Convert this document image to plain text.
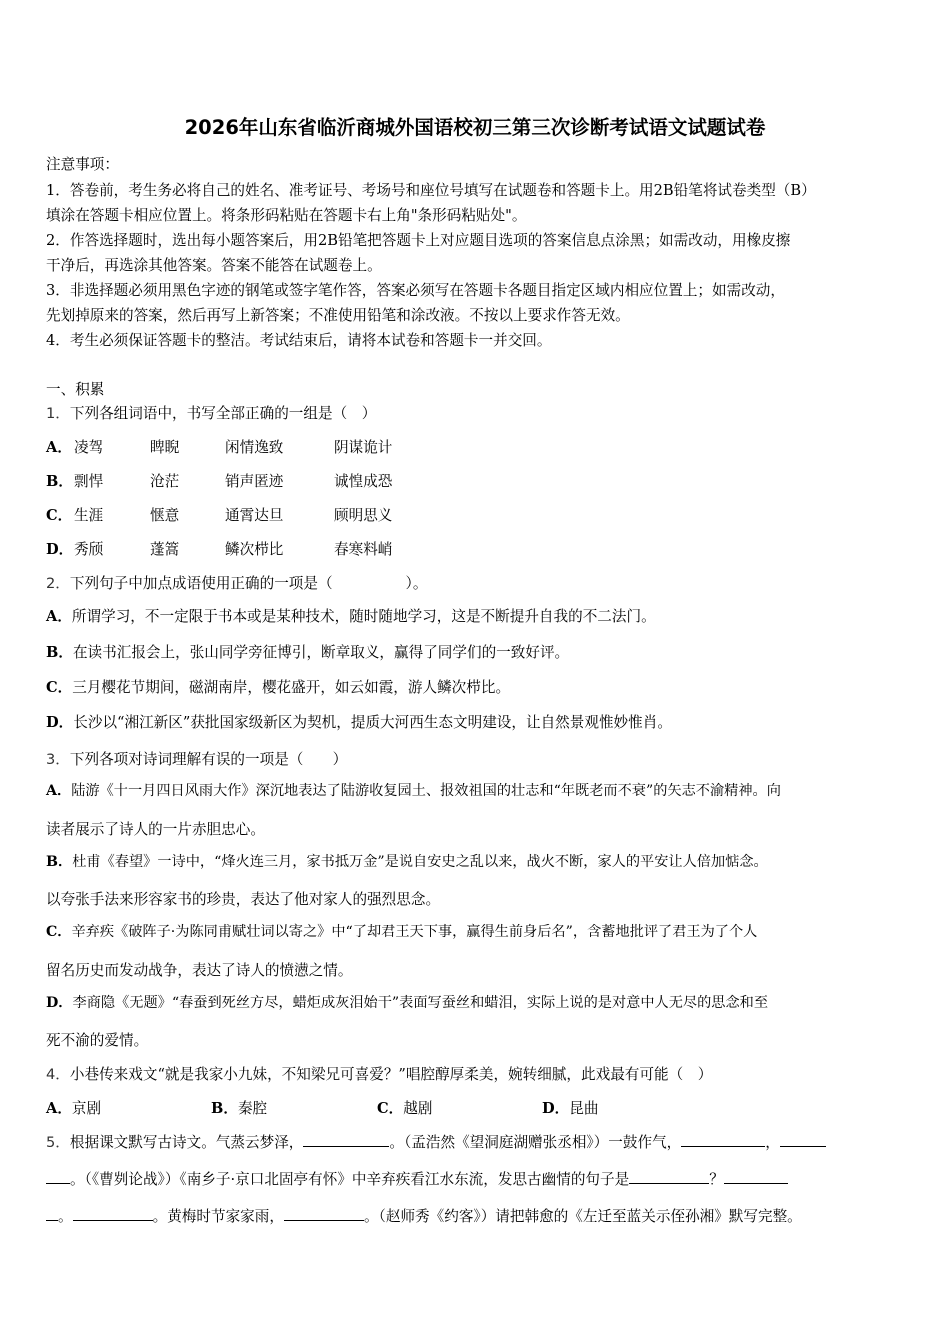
2026年山东省临沂商城外国语校初三第三次诊断考试语文试题试卷
注意事项：
1．答卷前，考生务必将自己的姓名、准考证号、考场号和座位号填写在试题卷和答题卡上。用2B铅笔将试卷类型（B）
填涂在答题卡相应位置上。将条形码粘贴在答题卡右上角"条形码粘贴处"。
2．作答选择题时，选出每小题答案后，用2B铅笔把答题卡上对应题目选项的答案信息点涂黑；如需改动，用橡皮擦
干净后，再选涂其他答案。答案不能答在试题卷上。
3．非选择题必须用黑色字迹的钢笔或签字笔作答，答案必须写在答题卡各题目指定区域内相应位置上；如需改动，
先划掉原来的答案，然后再写上新答案；不准使用铅笔和涂改液。不按以上要求作答无效。
4．考生必须保证答题卡的整洁。考试结束后，请将本试卷和答题卡一并交回。
一、积累
1．下列各组词语中，书写全部正确的一组是（　）
A． 凌驾	睥睨	闲情逸致	阴谋诡计
B． 剽悍	沧茫	销声匿迹	诚惶成恐
C． 生涯	惬意	通霄达旦	顾明思义
D． 秀颀	蓬篙	鳞次栉比	春寒料峭
2．下列句子中加点成语使用正确的一项是（　　　　　）。
A．所谓学习，不一定限于书本或是某种技术，随时随地学习，这是不断提升自我的不二法门。
B．在读书汇报会上，张山同学旁征博引，断章取义，赢得了同学们的一致好评。
C．三月樱花节期间，磁湖南岸，樱花盛开，如云如霞，游人鳞次栉比。
D．长沙以“湘江新区”获批国家级新区为契机，提质大河西生态文明建设，让自然景观惟妙惟肖。
3．下列各项对诗词理解有误的一项是（　　）
A．陆游《十一月四日风雨大作》深沉地表达了陆游收复园土、报效祖国的壮志和“年既老而不衰”的矢志不渝精神。向
读者展示了诗人的一片赤胆忠心。
B．杜甫《春望》一诗中，“烽火连三月，家书抵万金”是说自安史之乱以来，战火不断，家人的平安让人倍加惦念。
以夸张手法来形容家书的珍贵，表达了他对家人的强烈思念。
C．辛弃疾《破阵子·为陈同甫赋壮词以寄之》中“了却君王天下事，赢得生前身后名”，含蓄地批评了君王为了个人
留名历史而发动战争，表达了诗人的愤懑之情。
D．李商隐《无题》“春蚕到死丝方尽，蜡炬成灰泪始干”表面写蚕丝和蜡泪，实际上说的是对意中人无尽的思念和至
死不渝的爱情。
4．小巷传来戏文“就是我家小九妹，不知梁兄可喜爱？”唱腔醇厚柔美，婉转细腻，此戏最有可能（　）
A．京剧	B．秦腔	C．越剧	D．昆曲
5．根据课文默写古诗文。气蒸云梦泽，	。（孟浩然《望洞庭湖赠张丞相》）一鼓作气，	，
。（《曹刿论战》）《南乡子·京口北固亭有怀》中辛弃疾看江水东流，发思古幽情的句子是	？
。	。黄梅时节家家雨，	。（赵师秀《约客》）请把韩愈的《左迁至蓝关示侄孙湘》默写完整。
